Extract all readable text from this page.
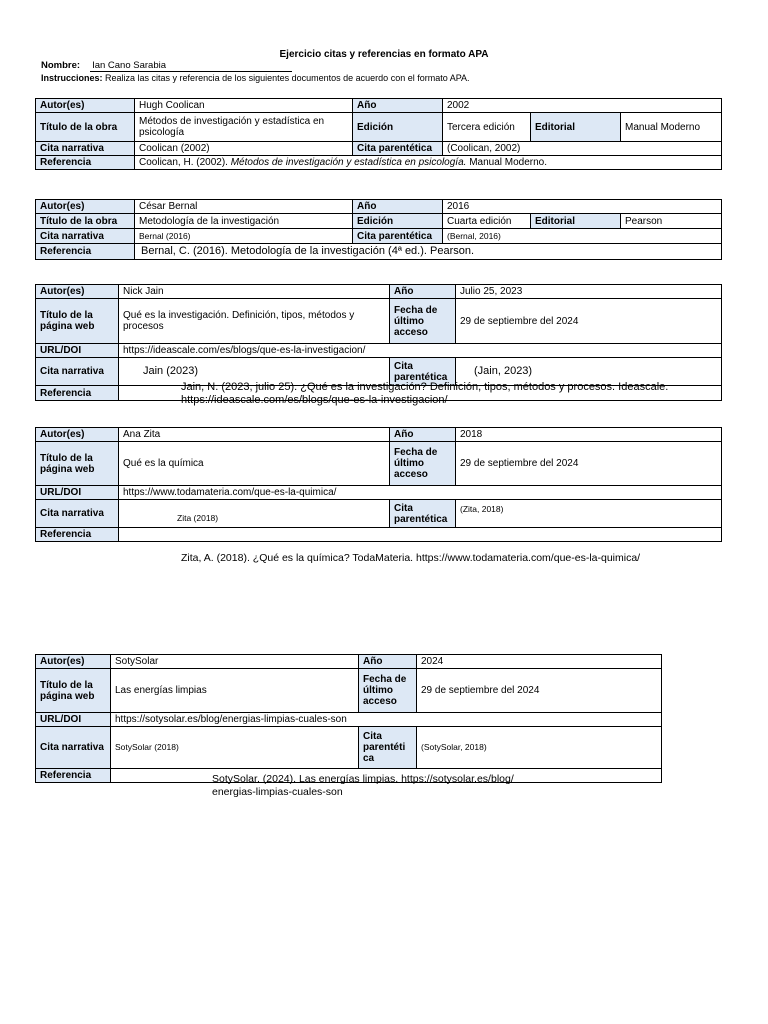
Ejercicio citas y referencias en formato APA
Nombre: Ian Cano Sarabia
Instrucciones: Realiza las citas y referencia de los siguientes documentos de acuerdo con el formato APA.
Autor(es)	Hugh Coolican	Año	2002		
Título de la obra	Métodos de investigación y estadística en psicología	Edición	Tercera edición	Editorial	Manual Moderno
Cita narrativa	Coolican (2002)	Cita parentética	(Coolican, 2002)		
Referencia	Coolican, H. (2002). Métodos de investigación y estadística en psicología. Manual Moderno.				
Autor(es)	César Bernal	Año	2016		
Título de la obra	Metodología de la investigación	Edición	Cuarta edición	Editorial	Pearson
Cita narrativa	Bernal (2016)	Cita parentética	(Bernal, 2016)		
Referencia	Bernal, C. (2016). Metodología de la investigación (4ª ed.). Pearson.				
Autor(es)	Nick Jain	Año	Julio 25, 2023
Título de la página web	Qué es la investigación. Definición, tipos, métodos y procesos	Fecha de último acceso	29 de septiembre del 2024
URL/DOI	https://ideascale.com/es/blogs/que-es-la-investigacion/		
Cita narrativa	Jain (2023)	Cita parentética	(Jain, 2023)
Referencia	Jain, N. (2023, julio 25). ¿Qué es la investigación? Definición, tipos, métodos y procesos. Ideascale. https://ideascale.com/es/blogs/que-es-la-investigacion/		
Autor(es)	Ana Zita	Año	2018
Título de la página web	Qué es la química	Fecha de último acceso	29 de septiembre del 2024
URL/DOI	https://www.todamateria.com/que-es-la-quimica/		
Cita narrativa	Zita (2018)	Cita parentética	(Zita, 2018)
Referencia			
Zita, A. (2018). ¿Qué es la química? TodaMateria. https://www.todamateria.com/que-es-la-quimica/
Autor(es)	SotySolar	Año	2024
Título de la página web	Las energías limpias	Fecha de último acceso	29 de septiembre del 2024
URL/DOI	https://sotysolar.es/blog/energias-limpias-cuales-son		
Cita narrativa	SotySolar (2018)	Cita parentéti ca	(SotySolar, 2018)
Referencia				SotySolar. (2024). Las energías limpias. https://sotysolar.es/blog/
energias-limpias-cuales-son
